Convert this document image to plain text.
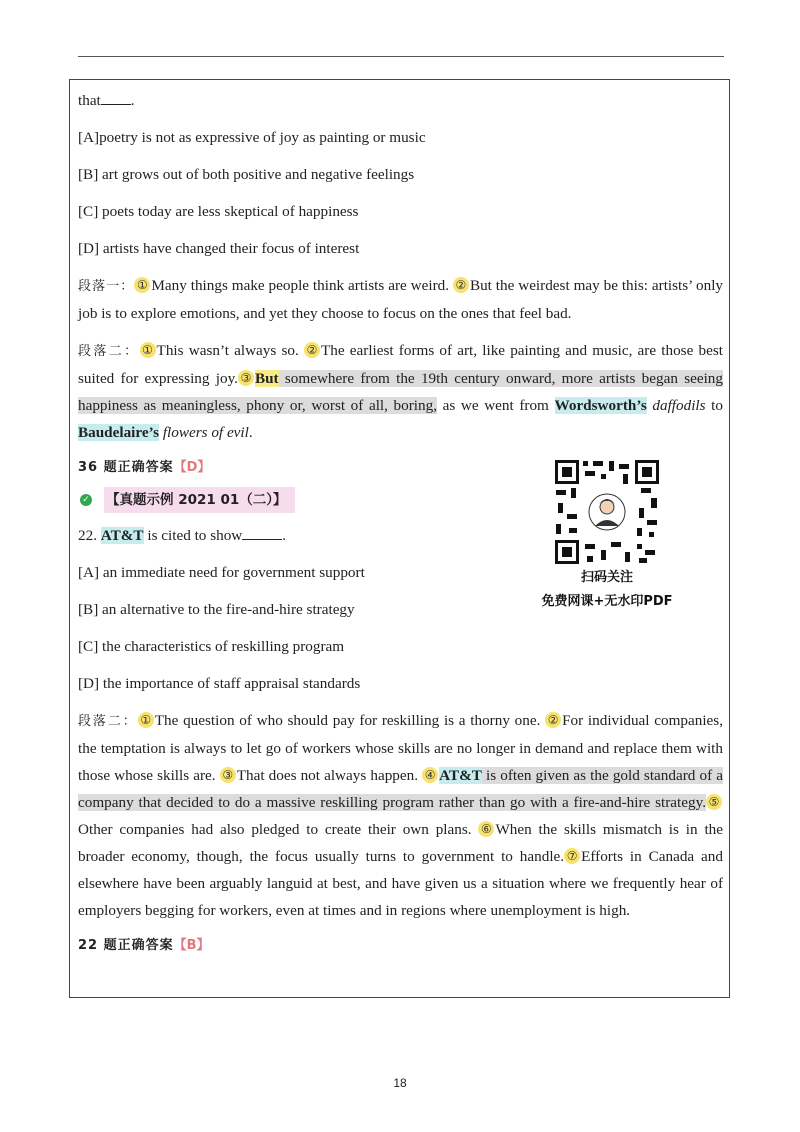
that .
[A]poetry is not as expressive of joy as painting or music
[B] art grows out of both positive and negative feelings
[C] poets today are less skeptical of happiness
[D] artists have changed their focus of interest
段落一： ① Many things make people think artists are weird. ② But the weirdest may be this: artists’ only job is to explore emotions, and yet they choose to focus on the ones that feel bad.
段落二： ① This wasn’t always so. ② The earliest forms of art, like painting and music, are those best suited for expressing joy. ③ But somewhere from the 19th century onward, more artists began seeing happiness as meaningless, phony or, worst of all, boring, as we went from Wordsworth’s daffodils to Baudelaire’s flowers of evil.
36 题正确答案【D】
✓ 【真题示例 2021 01（二）】
22. AT&T is cited to show	.
[A] an immediate need for government support
[B] an alternative to the fire-and-hire strategy
[C] the characteristics of reskilling program
[D] the importance of staff appraisal standards
段落二： ① The question of who should pay for reskilling is a thorny one. ② For individual companies, the temptation is always to let go of workers whose skills are no longer in demand and replace them with those whose skills are. ③ That does not always happen. ④ AT&T is often given as the gold standard of a company that decided to do a massive reskilling program rather than go with a fire-and-hire strategy. ⑤Other companies had also pledged to create their own plans. ⑥ When the skills mismatch is in the broader economy, though, the focus usually turns to government to handle. ⑦ Efforts in Canada and elsewhere have been arguably languid at best, and have given us a situation where we frequently hear of employers begging for workers, even at times and in regions where unemployment is high.
22 题正确答案【B】
扫码关注
免费网课+无水印PDF
18
